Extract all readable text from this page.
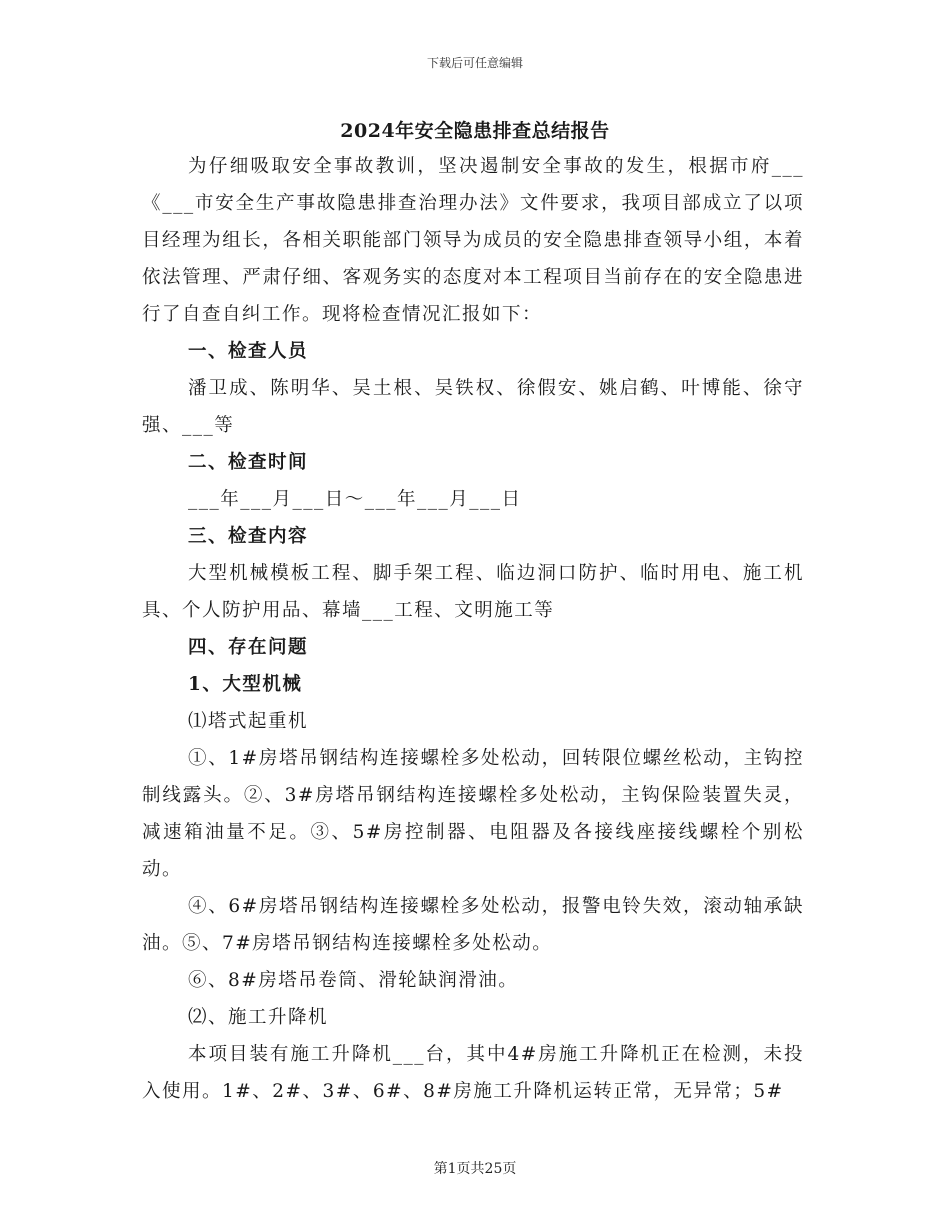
下载后可任意编辑
2024年安全隐患排查总结报告

为仔细吸取安全事故教训，坚决遏制安全事故的发生，根据市府___《___市安全生产事故隐患排查治理办法》文件要求，我项目部成立了以项目经理为组长，各相关职能部门领导为成员的安全隐患排查领导小组，本着依法管理、严肃仔细、客观务实的态度对本工程项目当前存在的安全隐患进行了自查自纠工作。现将检查情况汇报如下：

一、检查人员

潘卫成、陈明华、吴土根、吴铁权、徐假安、姚启鹤、叶博能、徐守强、___等

二、检查时间

___年___月___日～___年___月___日

三、检查内容

大型机械模板工程、脚手架工程、临边洞口防护、临时用电、施工机具、个人防护用品、幕墙___工程、文明施工等

四、存在问题

1、大型机械

⑴塔式起重机

①、1#房塔吊钢结构连接螺栓多处松动，回转限位螺丝松动，主钩控制线露头。②、3#房塔吊钢结构连接螺栓多处松动，主钩保险装置失灵，减速箱油量不足。③、5#房控制器、电阻器及各接线座接线螺栓个别松动。

④、6#房塔吊钢结构连接螺栓多处松动，报警电铃失效，滚动轴承缺油。⑤、7#房塔吊钢结构连接螺栓多处松动。

⑥、8#房塔吊卷筒、滑轮缺润滑油。

⑵、施工升降机

本项目装有施工升降机___台，其中4#房施工升降机正在检测，未投入使用。1#、2#、3#、6#、8#房施工升降机运转正常，无异常；5#

第1页共25页
